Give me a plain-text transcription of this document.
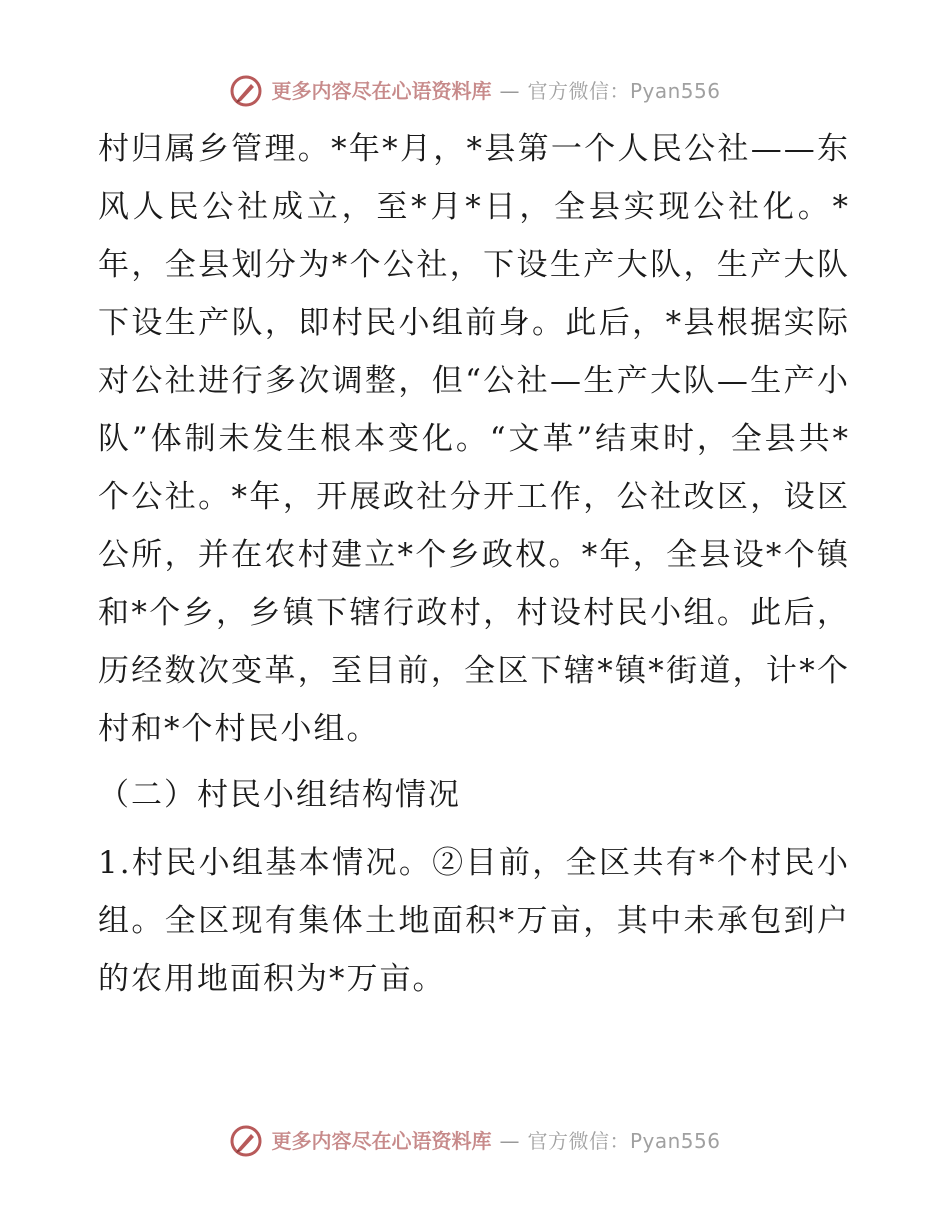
更多内容尽在心语资料库 — 官方微信：Pyan556

村归属乡管理。*年*月，*县第一个人民公社——东风人民公社成立，至*月*日，全县实现公社化。*年，全县划分为*个公社，下设生产大队，生产大队下设生产队，即村民小组前身。此后，*县根据实际对公社进行多次调整，但“公社—生产大队—生产小队”体制未发生根本变化。“文革”结束时，全县共*个公社。*年，开展政社分开工作，公社改区，设区公所，并在农村建立*个乡政权。*年，全县设*个镇和*个乡，乡镇下辖行政村，村设村民小组。此后，历经数次变革，至目前，全区下辖*镇*街道，计*个村和*个村民小组。

（二）村民小组结构情况

1.村民小组基本情况。②目前，全区共有*个村民小组。全区现有集体土地面积*万亩，其中未承包到户的农用地面积为*万亩。

更多内容尽在心语资料库 — 官方微信：Pyan556
